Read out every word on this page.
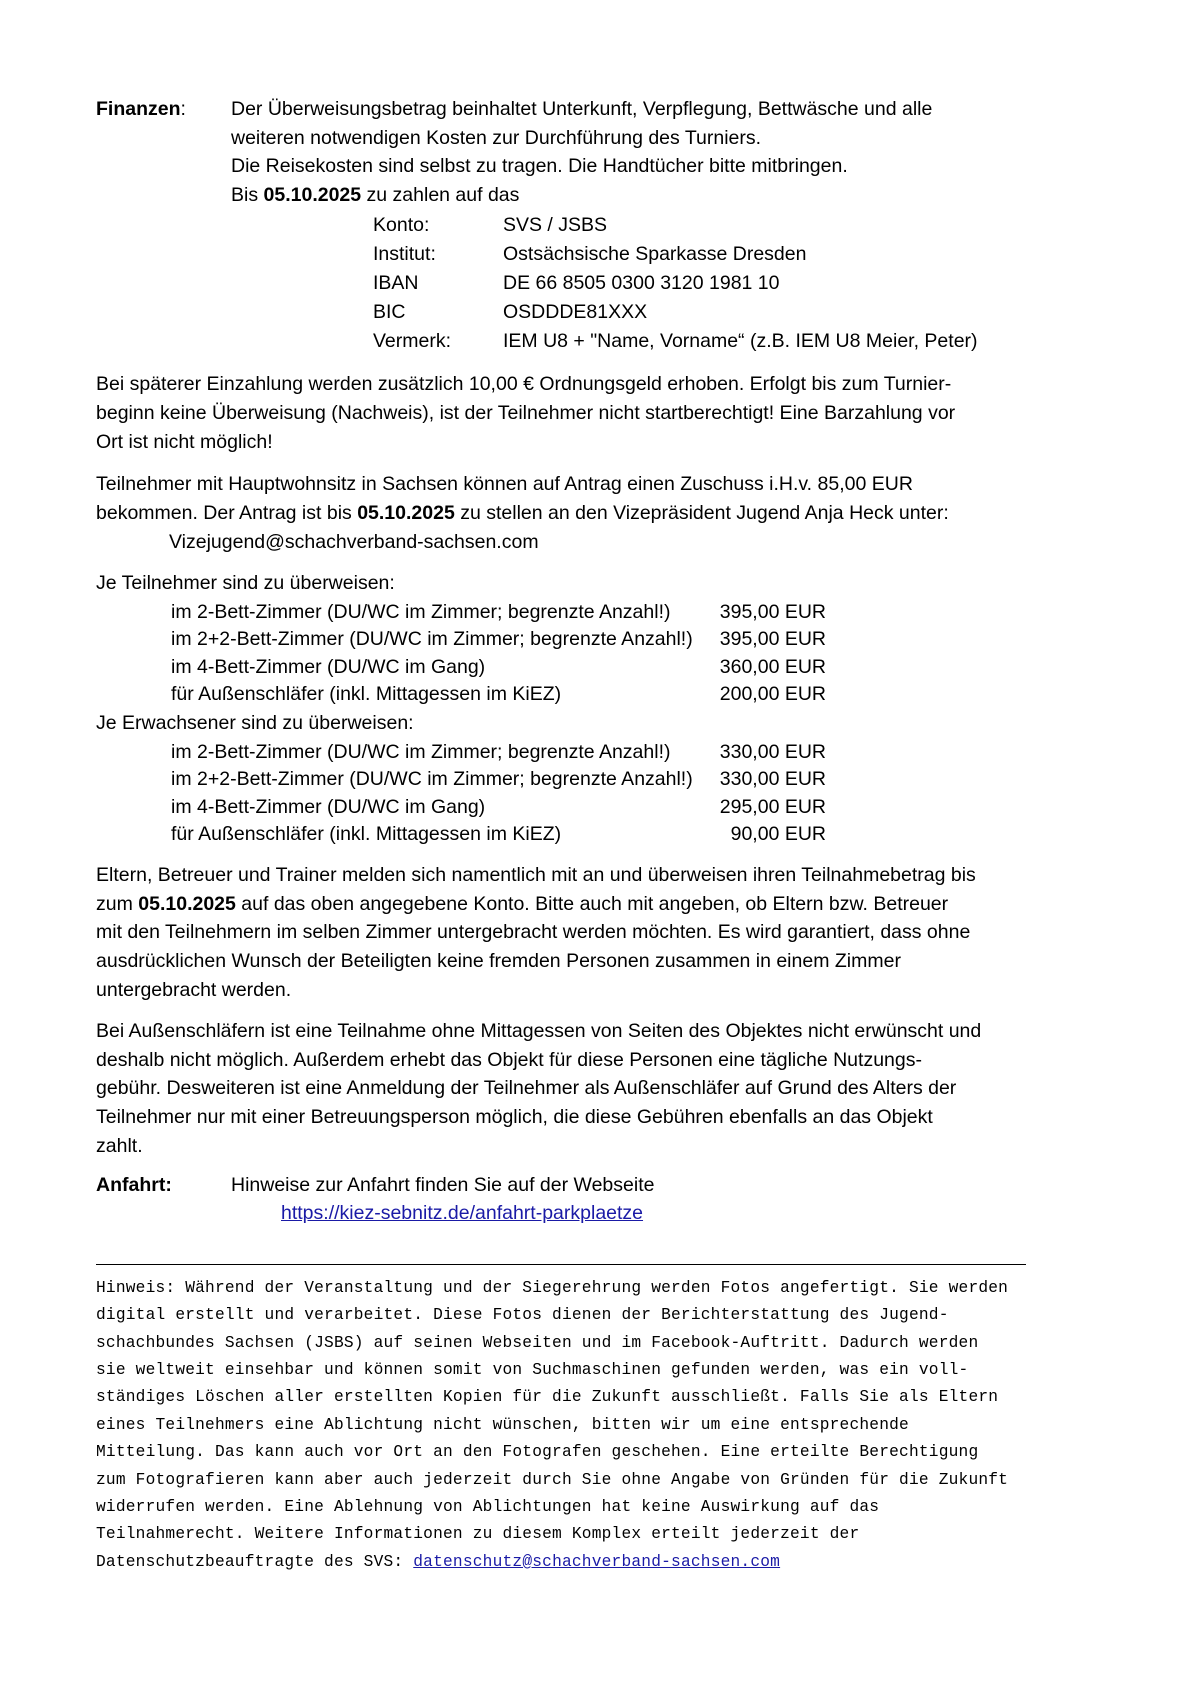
Finanzen:	Der Überweisungsbetrag beinhaltet Unterkunft, Verpflegung, Bettwäsche und alle
weiteren notwendigen Kosten zur Durchführung des Turniers.
Die Reisekosten sind selbst zu tragen. Die Handtücher bitte mitbringen.
Bis 05.10.2025 zu zahlen auf das
Konto:	SVS / JSBS
Institut:	Ostsächsische Sparkasse Dresden
IBAN	DE 66 8505 0300 3120 1981 10
BIC	OSDDDE81XXX
Vermerk:	IEM U8 + "Name, Vorname“ (z.B. IEM U8 Meier, Peter)
Bei späterer Einzahlung werden zusätzlich 10,00 € Ordnungsgeld erhoben. Erfolgt bis zum Turnier-
beginn keine Überweisung (Nachweis), ist der Teilnehmer nicht startberechtigt! Eine Barzahlung vor
Ort ist nicht möglich!
Teilnehmer mit Hauptwohnsitz in Sachsen können auf Antrag einen Zuschuss i.H.v. 85,00 EUR
bekommen. Der Antrag ist bis 05.10.2025 zu stellen an den Vizepräsident Jugend Anja Heck unter:
Vizejugend@schachverband-sachsen.com
Je Teilnehmer sind zu überweisen:
im 2-Bett-Zimmer (DU/WC im Zimmer; begrenzte Anzahl!)	395,00 EUR
im 2+2-Bett-Zimmer (DU/WC im Zimmer; begrenzte Anzahl!)	395,00 EUR
im 4-Bett-Zimmer (DU/WC im Gang)	360,00 EUR
für Außenschläfer (inkl. Mittagessen im KiEZ)	200,00 EUR
Je Erwachsener sind zu überweisen:
im 2-Bett-Zimmer (DU/WC im Zimmer; begrenzte Anzahl!)	330,00 EUR
im 2+2-Bett-Zimmer (DU/WC im Zimmer; begrenzte Anzahl!)	330,00 EUR
im 4-Bett-Zimmer (DU/WC im Gang)	295,00 EUR
für Außenschläfer (inkl. Mittagessen im KiEZ)	90,00 EUR
Eltern, Betreuer und Trainer melden sich namentlich mit an und überweisen ihren Teilnahmebetrag bis
zum 05.10.2025 auf das oben angegebene Konto. Bitte auch mit angeben, ob Eltern bzw. Betreuer
mit den Teilnehmern im selben Zimmer untergebracht werden möchten. Es wird garantiert, dass ohne
ausdrücklichen Wunsch der Beteiligten keine fremden Personen zusammen in einem Zimmer
untergebracht werden.
Bei Außenschläfern ist eine Teilnahme ohne Mittagessen von Seiten des Objektes nicht erwünscht und
deshalb nicht möglich. Außerdem erhebt das Objekt für diese Personen eine tägliche Nutzungs-
gebühr. Desweiteren ist eine Anmeldung der Teilnehmer als Außenschläfer auf Grund des Alters der
Teilnehmer nur mit einer Betreuungsperson möglich, die diese Gebühren ebenfalls an das Objekt
zahlt.
Anfahrt:	Hinweise zur Anfahrt finden Sie auf der Webseite
https://kiez-sebnitz.de/anfahrt-parkplaetze
Hinweis: Während der Veranstaltung und der Siegerehrung werden Fotos angefertigt. Sie werden
digital erstellt und verarbeitet. Diese Fotos dienen der Berichterstattung des Jugend-
schachbundes Sachsen (JSBS) auf seinen Webseiten und im Facebook-Auftritt. Dadurch werden
sie weltweit einsehbar und können somit von Suchmaschinen gefunden werden, was ein voll-
ständiges Löschen aller erstellten Kopien für die Zukunft ausschließt. Falls Sie als Eltern
eines Teilnehmers eine Ablichtung nicht wünschen, bitten wir um eine entsprechende
Mitteilung. Das kann auch vor Ort an den Fotografen geschehen. Eine erteilte Berechtigung
zum Fotografieren kann aber auch jederzeit durch Sie ohne Angabe von Gründen für die Zukunft
widerrufen werden. Eine Ablehnung von Ablichtungen hat keine Auswirkung auf das
Teilnahmerecht. Weitere Informationen zu diesem Komplex erteilt jederzeit der
Datenschutzbeauftragte des SVS: datenschutz@schachverband-sachsen.com
